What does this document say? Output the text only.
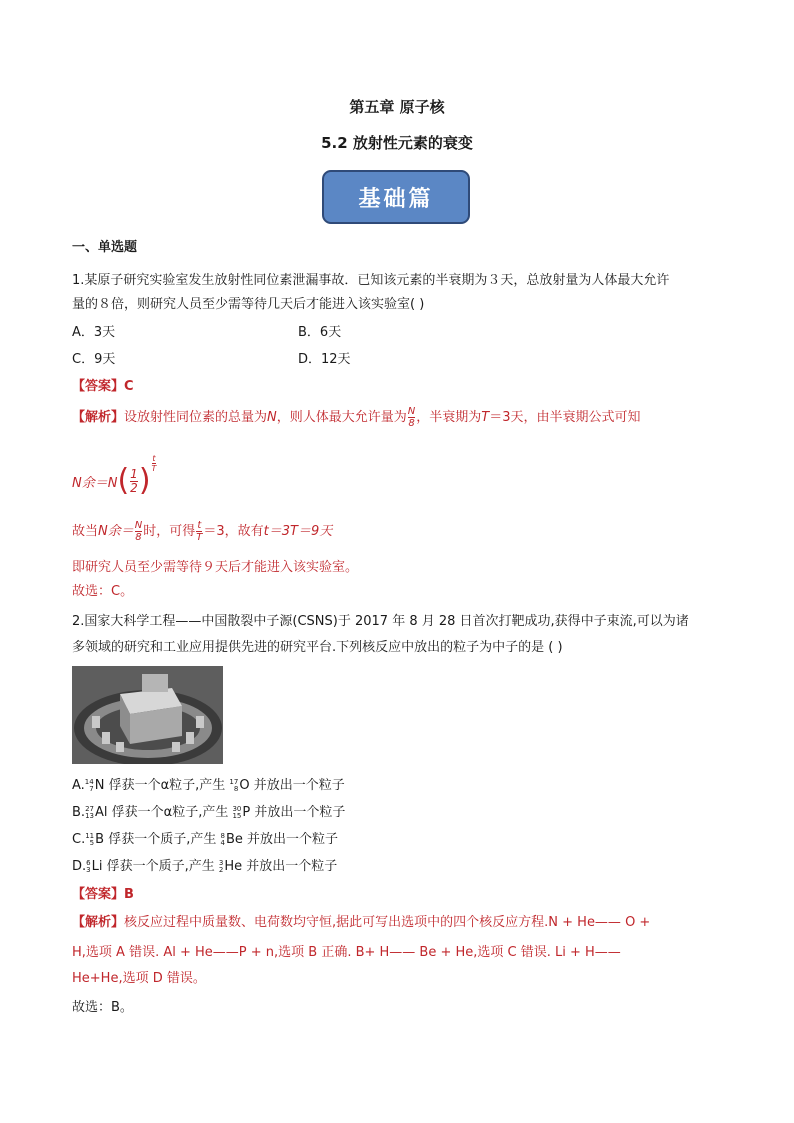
第五章 原子核
5.2 放射性元素的衰变
基础篇
一、单选题
1.某原子研究实验室发生放射性同位素泄漏事故．已知该元素的半衰期为３天，总放射量为人体最大允许
量的８倍，则研究人员至少需等待几天后才能进入该实验室( )
A．3天	B．6天
C．9天	D．12天
【答案】C
【解析】设放射性同位素的总量为N，则人体最大允许量为$\frac{N}{8}$ ，半衰期为T＝3天，由半衰期公式可知
N余＝N ( $\frac{1}{2}$ ) $\frac{t}{T}$
故当N余$=\frac{N}{8}$ 时，可得$\frac{t}{T} =3$，故有t＝3T＝9天
即研究人员至少需等待９天后才能进入该实验室。
故选：C。
2.国家大科学工程——中国散裂中子源(CSNS)于 2017 年 8 月 28 日首次打靶成功,获得中子束流,可以为诸
多领域的研究和工业应用提供先进的研究平台.下列核反应中放出的粒子为中子的是 ( )
A.14
7N 俘获一个α粒子,产生 17
8O 并放出一个粒子
B.27
13Al 俘获一个α粒子,产生 30
15P 并放出一个粒子
C.11
5B 俘获一个质子,产生 8
4Be 并放出一个粒子
D.6
3Li 俘获一个质子,产生 3
2He 并放出一个粒子
【答案】B
【解析】核反应过程中质量数、电荷数均守恒,据此可写出选项中的四个核反应方程.N + He—— O +
H,选项 A 错误. Al + He——P + n,选项 B 正确. B+ H—— Be + He,选项 C 错误. Li + H——
He+He,选项 D 错误。
故选：B。
